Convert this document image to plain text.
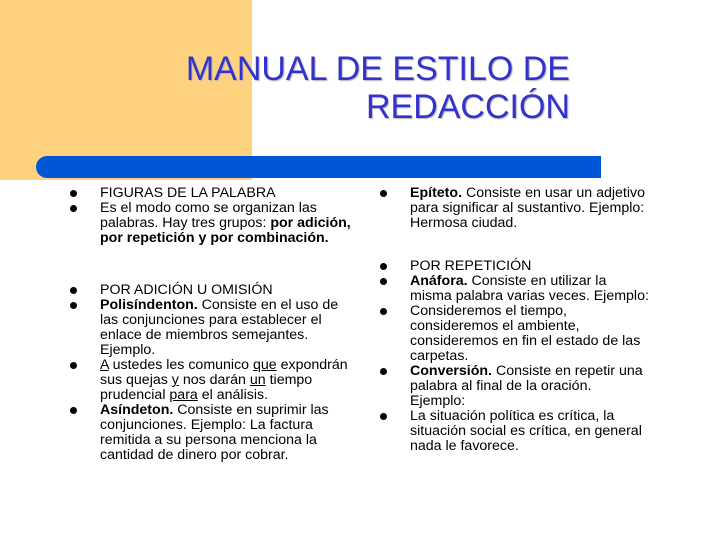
MANUAL DE ESTILO DE
REDACCIÓN
FIGURAS DE LA PALABRA
Es el modo como se organizan las palabras. Hay tres grupos: por adición, por repetición y por combinación.
POR ADICIÓN U OMISIÓN
Polisíndenton. Consiste en el uso de las conjunciones para establecer el enlace de miembros semejantes. Ejemplo.
A ustedes les comunico que expondrán sus quejas y nos darán un tiempo prudencial para el análisis.
Asíndeton. Consiste en suprimir las conjunciones. Ejemplo: La factura remitida a su persona menciona la cantidad de dinero por cobrar.
Epíteto. Consiste en usar un adjetivo para significar al sustantivo. Ejemplo: Hermosa ciudad.
POR REPETICIÓN
Anáfora. Consiste en utilizar la misma palabra varias veces. Ejemplo:
Consideremos el tiempo, consideremos el ambiente, consideremos en fin el estado de las carpetas.
Conversión. Consiste en repetir una palabra al final de la oración. Ejemplo:
La situación política es crítica, la situación social es crítica, en general nada le favorece.
